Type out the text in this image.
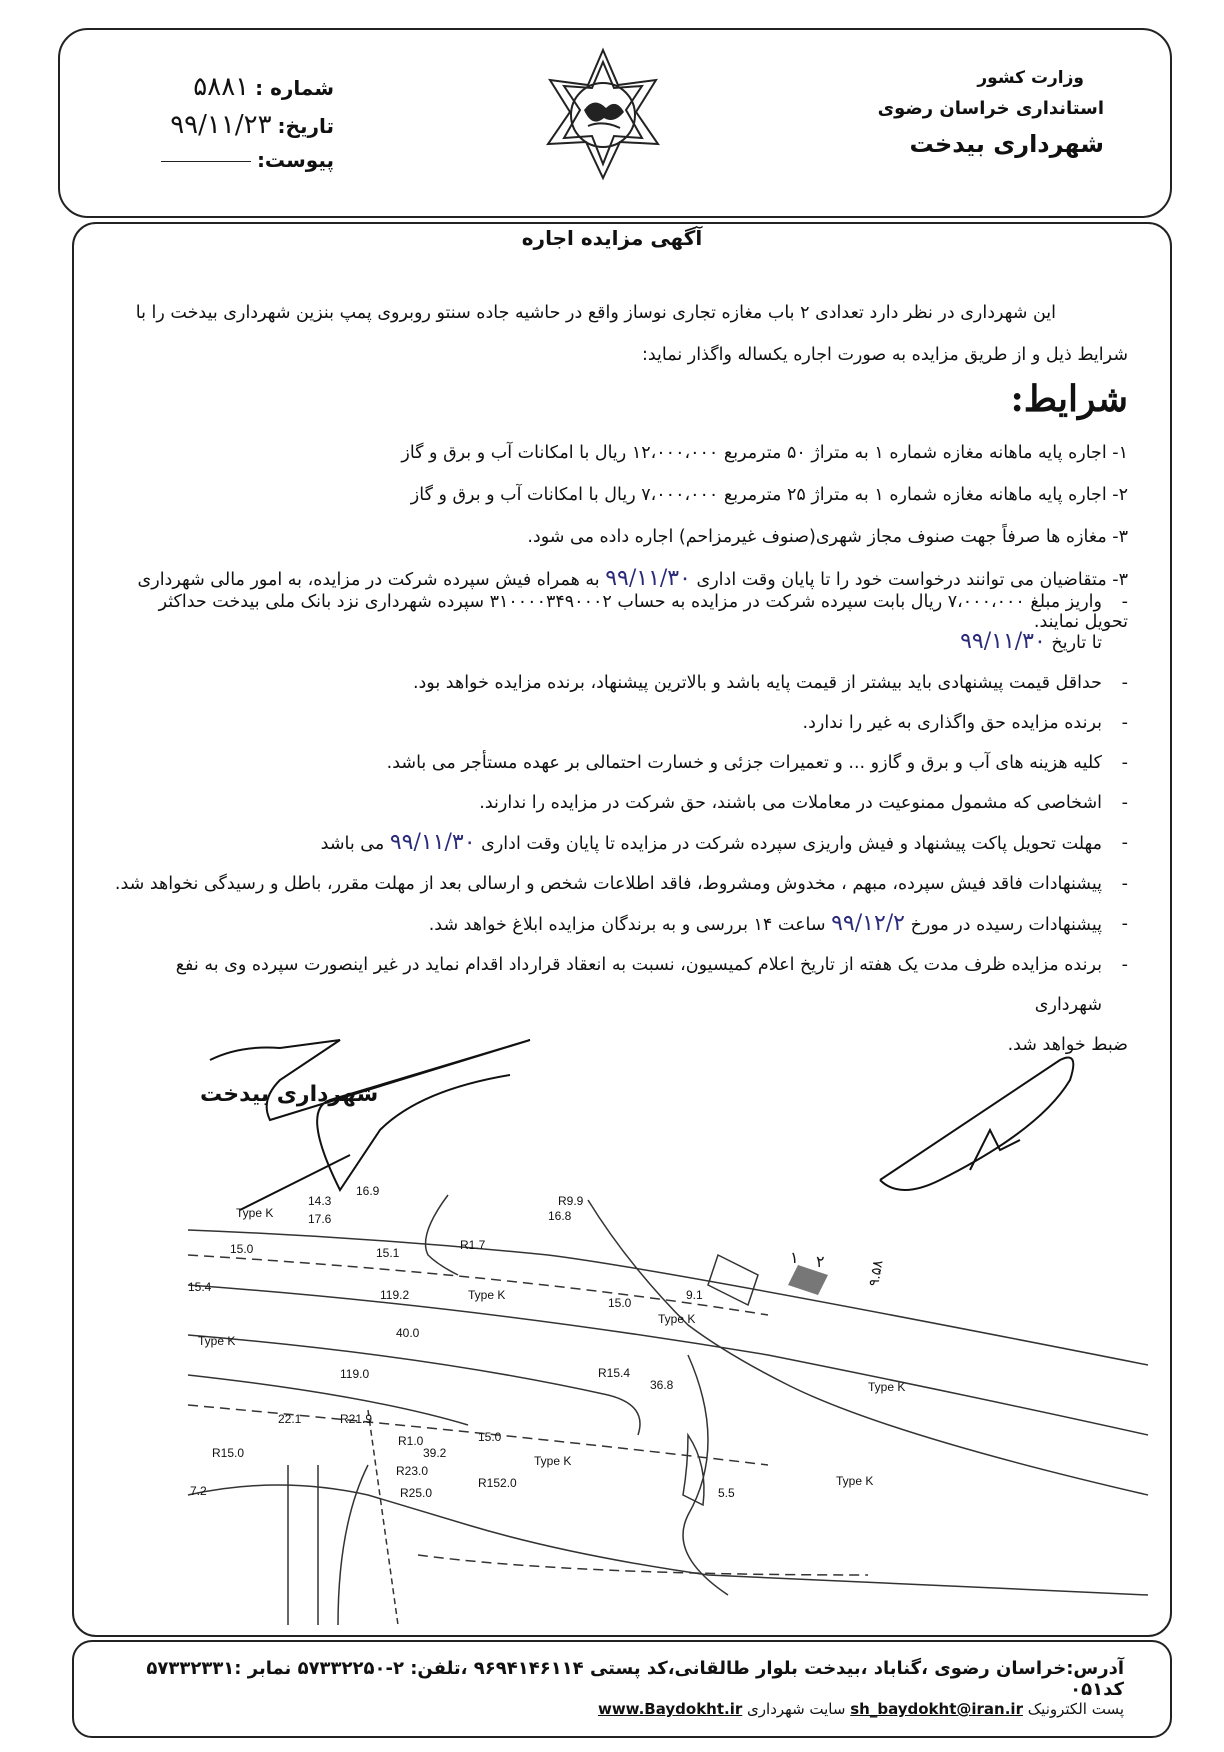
وزارت کشور
استانداری خراسان رضوی
شهرداری بیدخت
شماره :۵۸۸۱
تاریخ:۹۹/۱۱/۲۳
پیوست:
آگهی مزایده اجاره

این شهرداری در نظر دارد تعدادی ۲ باب مغازه تجاری نوساز واقع در حاشیه جاده سنتو روبروی پمپ بنزین شهرداری بیدخت را با

شرایط ذیل و از طریق مزایده به صورت اجاره یکساله واگذار نماید:

شرایط:
۱- اجاره پایه ماهانه مغازه شماره ۱ به متراژ ۵۰ مترمربع ۱۲،۰۰۰،۰۰۰ ریال با امکانات آب و برق و گاز
۲- اجاره پایه ماهانه مغازه شماره ۱ به متراژ ۲۵ مترمربع ۷،۰۰۰،۰۰۰ ریال با امکانات آب و برق و گاز
۳- مغازه ها صرفاً جهت صنوف مجاز شهری(صنوف غیرمزاحم) اجاره داده می شود.
۳- متقاضیان می توانند درخواست خود را تا پایان وقت اداری ۹۹/۱۱/۳۰ به همراه فیش سپرده شرکت در مزایده، به امور مالی شهرداری
تحویل نمایند.
- واریز مبلغ ۷،۰۰۰،۰۰۰ ریال بابت سپرده شرکت در مزایده به حساب ۳۱۰۰۰۰۳۴۹۰۰۰۲ سپرده شهرداری نزد بانک ملی بیدخت حداکثر
تا تاریخ ۹۹/۱۱/۳۰
- حداقل قیمت پیشنهادی باید بیشتر از قیمت پایه باشد و بالاترین پیشنهاد، برنده مزایده خواهد بود.
- برنده مزایده حق واگذاری به غیر را ندارد.
- کلیه هزینه های آب و برق و گازو ... و تعمیرات جزئی و خسارت احتمالی بر عهده مستأجر می باشد.
- اشخاصی که مشمول ممنوعیت در معاملات می باشند، حق شرکت در مزایده را ندارند.
- مهلت تحویل پاکت پیشنهاد و فیش واریزی سپرده شرکت در مزایده تا پایان وقت اداری ۹۹/۱۱/۳۰ می باشد
- پیشنهادات فاقد فیش سپرده، مبهم ، مخدوش ومشروط، فاقد اطلاعات شخص و ارسالی بعد از مهلت مقرر، باطل و رسیدگی نخواهد شد.
- پیشنهادات رسیده در مورخ ۹۹/۱۲/۲ ساعت ۱۴ بررسی و به برندگان مزایده ابلاغ خواهد شد.
- برنده مزایده ظرف مدت یک هفته از تاریخ اعلام کمیسیون، نسبت به انعقاد قرارداد اقدام نماید در غیر اینصورت سپرده وی به نفع شهرداری
ضبط خواهد شد.
شهرداری بیدخت
Type K
14.3
17.6
16.9
15.0	15.1
R1.7
R9.9
16.8
15.4
119.2	Type K
15.0
9.1
Type K
Type K
40.0
119.0	R15.4
36.8	Type K
22.1	R21.9
R1.0
39.2
15.0
R15.0
Type K
R23.0
R152.0
R25.0	5.5
7.2
Type K
۱ ۲	۹.۵۸
آدرس:خراسان رضوی ،گناباد ،بیدخت بلوار طالقانی،کد پستی ۹۶۹۴۱۴۶۱۱۴ ،تلفن: ۲-۵۷۳۳۲۲۵۰ نمابر :۵۷۳۳۲۳۳۱ کد۰۵۱
پست الکترونیک sh_baydokht@iran.ir سایت شهرداری www.Baydokht.ir
